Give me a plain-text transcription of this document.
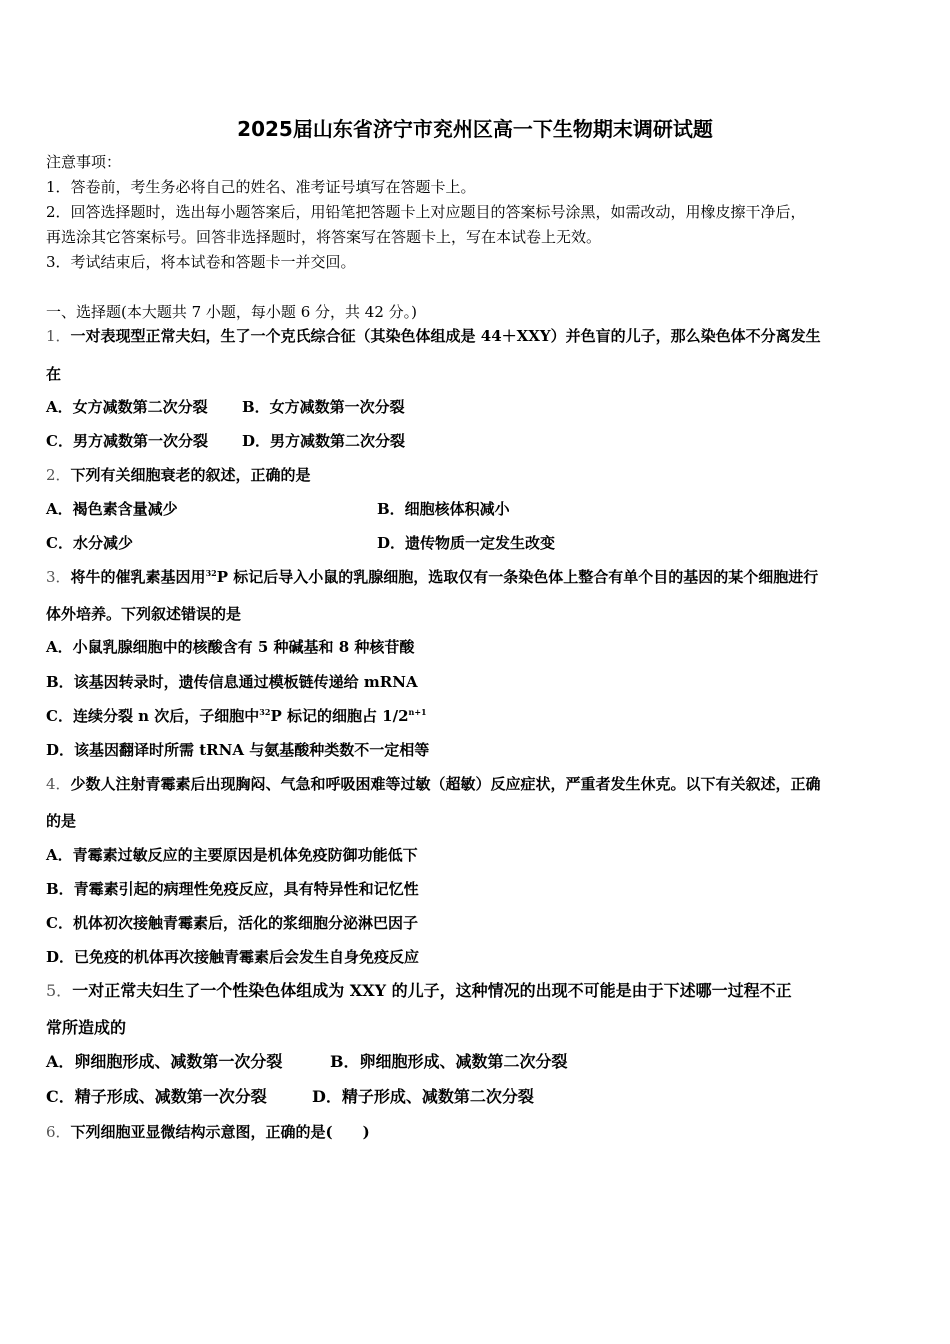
2025届山东省济宁市兖州区高一下生物期末调研试题
注意事项：
1．答卷前，考生务必将自己的姓名、准考证号填写在答题卡上。
2．回答选择题时，选出每小题答案后，用铅笔把答题卡上对应题目的答案标号涂黑，如需改动，用橡皮擦干净后，
再选涂其它答案标号。回答非选择题时，将答案写在答题卡上，写在本试卷上无效。
3．考试结束后，将本试卷和答题卡一并交回。
一、选择题(本大题共 7 小题，每小题 6 分，共 42 分。)
1．一对表现型正常夫妇，生了一个克氏综合征（其染色体组成是 44＋XXY）并色盲的儿子，那么染色体不分离发生
在
A．女方减数第二次分裂 B．女方减数第一次分裂
C．男方减数第一次分裂 D．男方减数第二次分裂
2．下列有关细胞衰老的叙述，正确的是
A．褐色素含量减少	B．细胞核体积减小
C．水分减少	D．遗传物质一定发生改变
3．将牛的催乳素基因用$^{32}$P 标记后导入小鼠的乳腺细胞，选取仅有一条染色体上整合有单个目的基因的某个细胞进行
体外培养。下列叙述错误的是
A．小鼠乳腺细胞中的核酸含有 5 种碱基和 8 种核苷酸
B．该基因转录时，遗传信息通过模板链传递给 mRNA
C．连续分裂 n 次后，子细胞中$^{32}$P 标记的细胞占 $1/2^{n+1}$
D．该基因翻译时所需 tRNA 与氨基酸种类数不一定相等
4．少数人注射青霉素后出现胸闷、气急和呼吸困难等过敏（超敏）反应症状，严重者发生休克。以下有关叙述，正确
的是
A．青霉素过敏反应的主要原因是机体免疫防御功能低下
B．青霉素引起的病理性免疫反应，具有特异性和记忆性
C．机体初次接触青霉素后，活化的浆细胞分泌淋巴因子
D．已免疫的机体再次接触青霉素后会发生自身免疫反应
5．一对正常夫妇生了一个性染色体组成为 XXY 的儿子，这种情况的出现不可能是由于下述哪一过程不正
常所造成的
A．卵细胞形成、减数第一次分裂	B．卵细胞形成、减数第二次分裂
C．精子形成、减数第一次分裂	D．精子形成、减数第二次分裂
6．下列细胞亚显微结构示意图，正确的是(　　)
